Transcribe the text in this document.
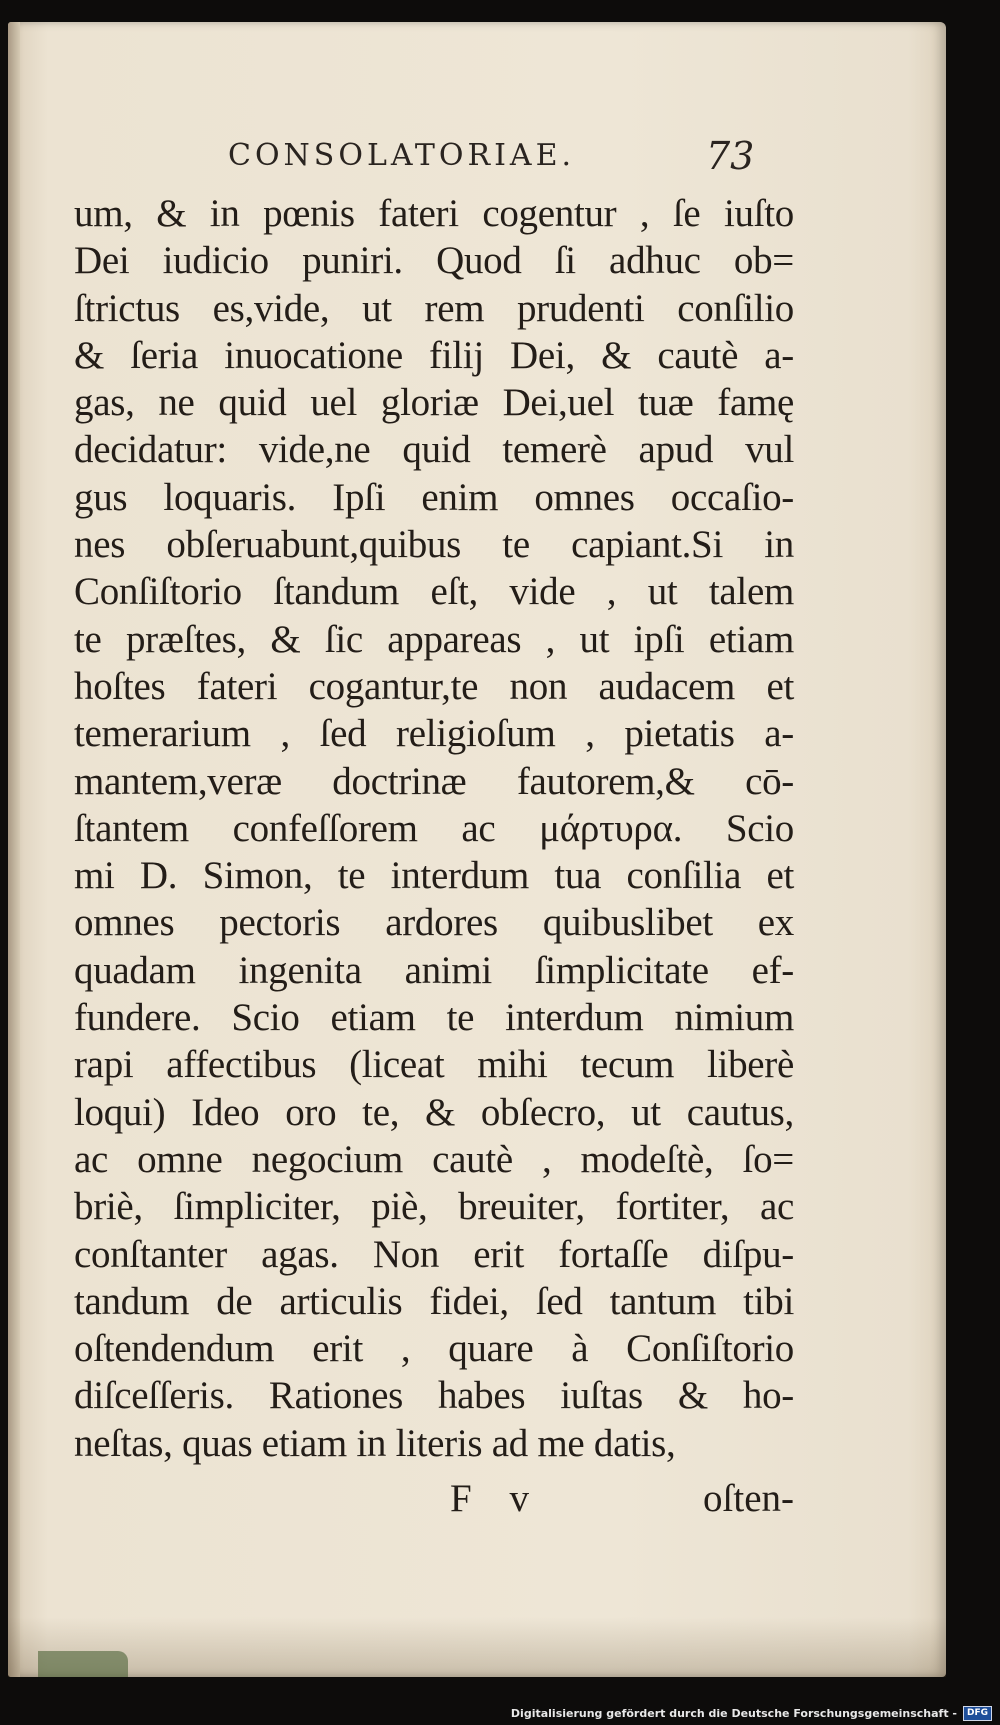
CONSOLATORIAE.	73
um, & in pœnis fateri cogentur , ſe iuſto
Dei iudicio puniri. Quod ſi adhuc ob=
ſtrictus es,vide, ut rem prudenti conſilio
& ſeria inuocatione filij Dei, & cautè a-
gas, ne quid uel gloriæ Dei,uel tuæ famę
decidatur: vide,ne quid temerè apud vul
gus loquaris. Ipſi enim omnes occaſio-
nes obſeruabunt,quibus te capiant.Si in
Conſiſtorio ſtandum eſt, vide , ut talem
te præſtes, & ſic appareas , ut ipſi etiam
hoſtes fateri cogantur,te non audacem et
temerarium , ſed religioſum , pietatis a-
mantem,veræ doctrinæ fautorem,& cō-
ſtantem confeſſorem ac μάρτυρα. Scio
mi D. Simon, te interdum tua conſilia et
omnes pectoris ardores quibuslibet ex
quadam ingenita animi ſimplicitate ef-
fundere. Scio etiam te interdum nimium
rapi affectibus (liceat mihi tecum liberè
loqui) Ideo oro te, & obſecro, ut cautus,
ac omne negocium cautè , modeſtè, ſo=
briè, ſimpliciter, piè, breuiter, fortiter, ac
conſtanter agas. Non erit fortaſſe diſpu-
tandum de articulis fidei, ſed tantum tibi
oſtendendum erit , quare à Conſiſtorio
diſceſſeris. Rationes habes iuſtas & ho-
neſtas, quas etiam in literis ad me datis,
F v	oſten-
Digitalisierung gefördert durch die Deutsche Forschungsgemeinschaft -	DFG
